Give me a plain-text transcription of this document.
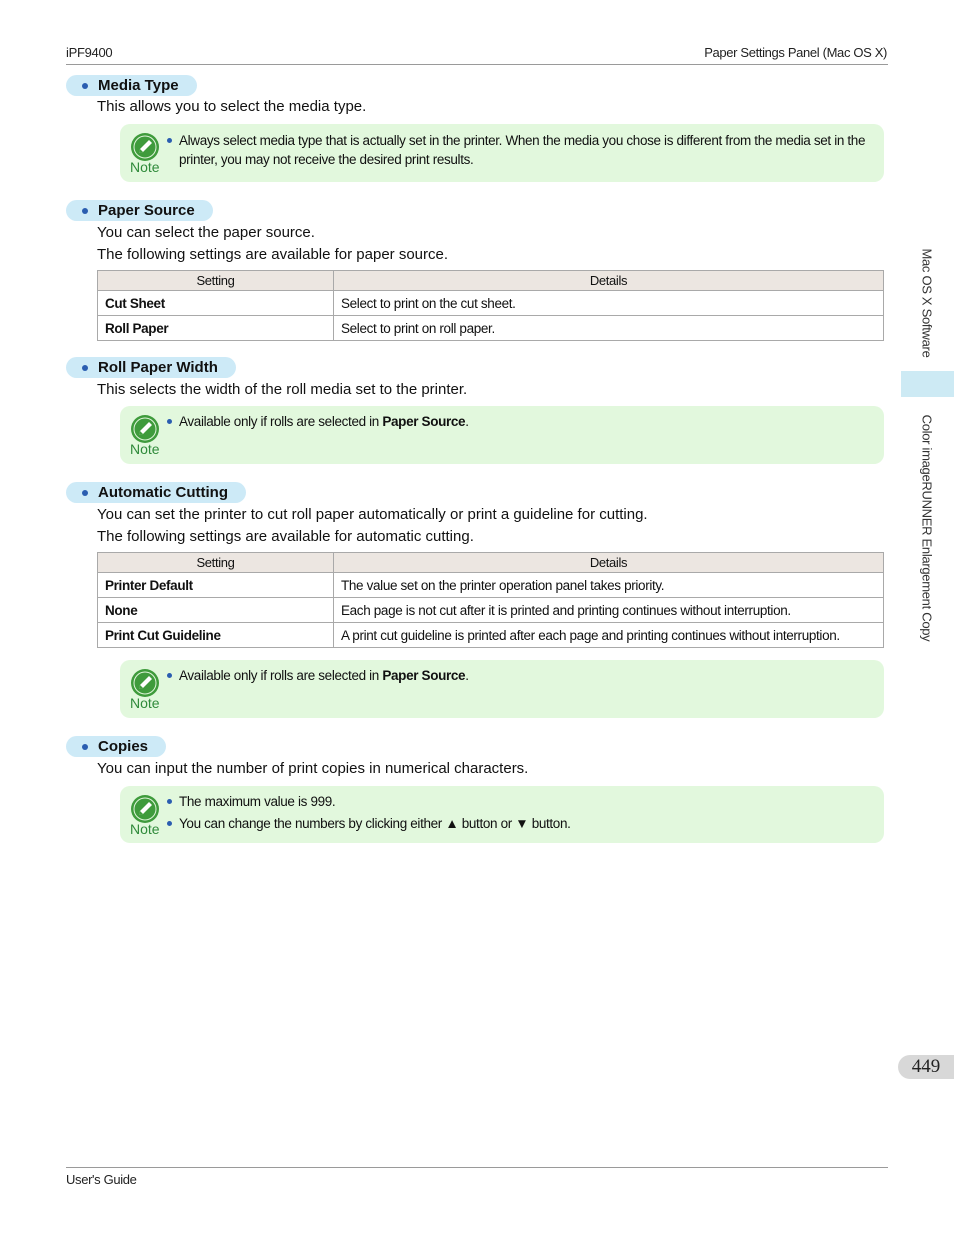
iPF9400	Paper Settings Panel (Mac OS X)
Mac OS X Software
Color imageRUNNER Enlargement Copy
449
Media Type
This allows you to select the media type.
Note
Always select media type that is actually set in the printer. When the media you chose is different from the media set in the printer, you may not receive the desired print results.
Paper Source
You can select the paper source.
The following settings are available for paper source.
Setting	Details
Cut Sheet	Select to print on the cut sheet.
Roll Paper	Select to print on roll paper.
Roll Paper Width
This selects the width of the roll media set to the printer.
Note
Available only if rolls are selected in Paper Source.
Automatic Cutting
You can set the printer to cut roll paper automatically or print a guideline for cutting.
The following settings are available for automatic cutting.
Setting	Details
Printer Default	The value set on the printer operation panel takes priority.
None	Each page is not cut after it is printed and printing continues without interruption.
Print Cut Guideline	A print cut guideline is printed after each page and printing continues without interruption.
Note
Available only if rolls are selected in Paper Source.
Copies
You can input the number of print copies in numerical characters.
Note
The maximum value is 999.
You can change the numbers by clicking either ▲ button or ▼ button.
User's Guide
